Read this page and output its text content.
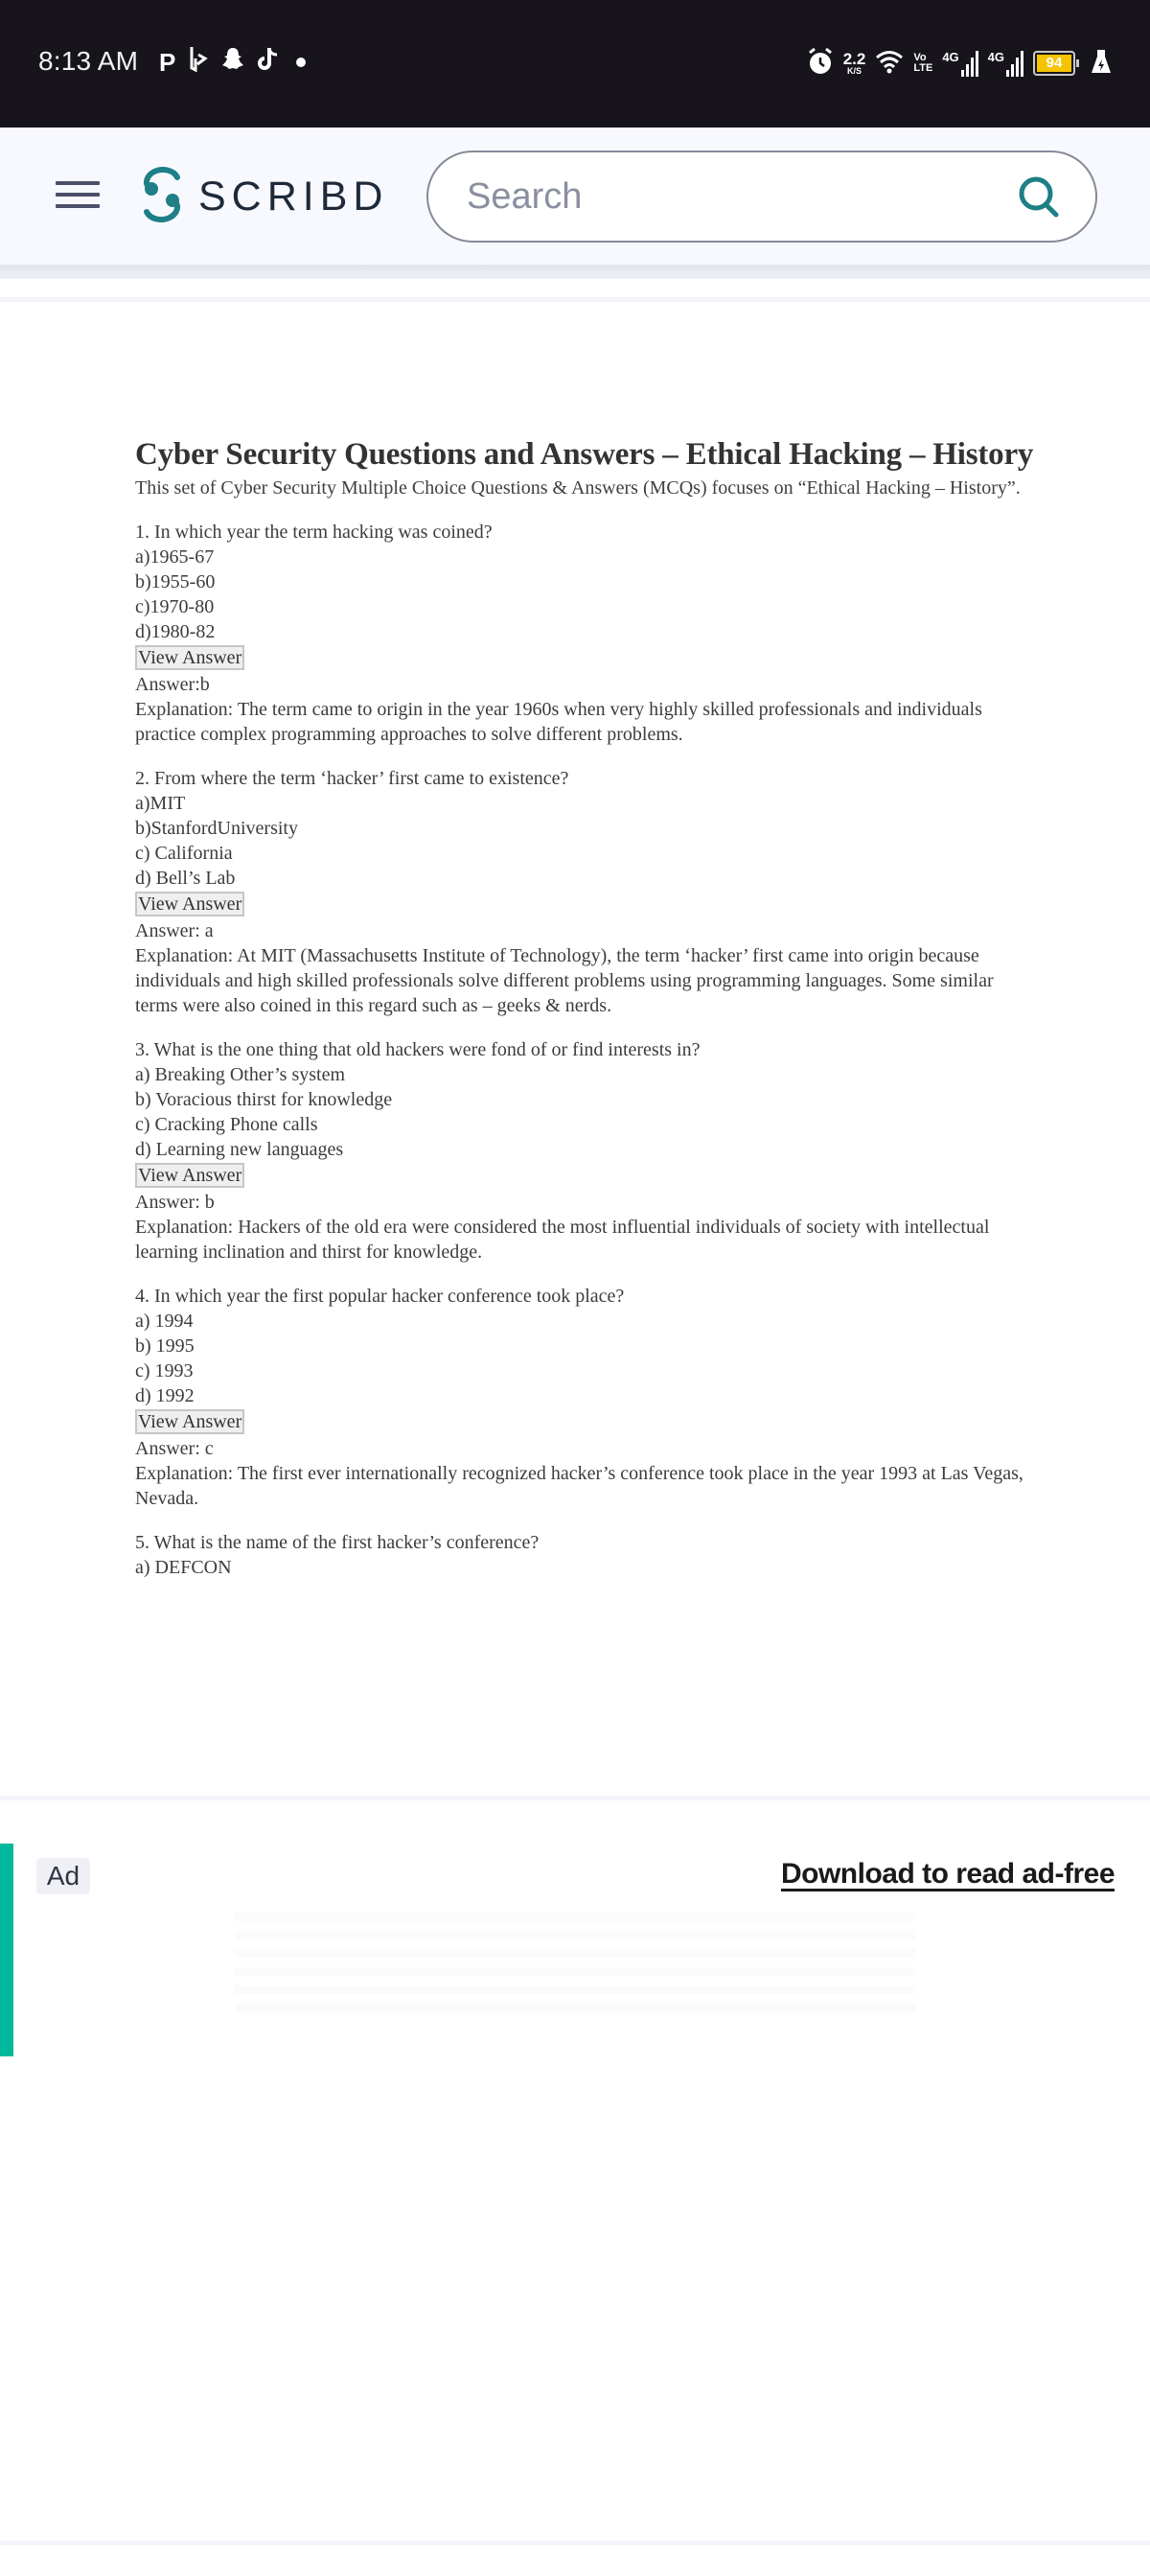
8:13 AM P	2.2
K/S
Vo
LTE
4G 4G	94
SCRIBD
Search
Cyber Security Questions and Answers – Ethical Hacking – History

This set of Cyber Security Multiple Choice Questions & Answers (MCQs) focuses on “Ethical Hacking – History”.

1. In which year the term hacking was coined?

a)1965-67

b)1955-60

c)1970-80

d)1980-82

View Answer

Answer:b

Explanation: The term came to origin in the year 1960s when very highly skilled professionals and individuals practice complex programming approaches to solve different problems.

2. From where the term ‘hacker’ first came to existence?

a)MIT

b)StanfordUniversity

c) California

d) Bell’s Lab

View Answer

Answer: a

Explanation: At MIT (Massachusetts Institute of Technology), the term ‘hacker’ first came into origin because individuals and high skilled professionals solve different problems using programming languages. Some similar terms were also coined in this regard such as – geeks & nerds.

3. What is the one thing that old hackers were fond of or find interests in?

a) Breaking Other’s system

b) Voracious thirst for knowledge

c) Cracking Phone calls

d) Learning new languages

View Answer

Answer: b

Explanation: Hackers of the old era were considered the most influential individuals of society with intellectual learning inclination and thirst for knowledge.

4. In which year the first popular hacker conference took place?

a) 1994

b) 1995

c) 1993

d) 1992

View Answer

Answer: c

Explanation: The first ever internationally recognized hacker’s conference took place in the year 1993 at Las Vegas, Nevada.

5. What is the name of the first hacker’s conference?

a) DEFCON

Ad	Download to read ad-free
